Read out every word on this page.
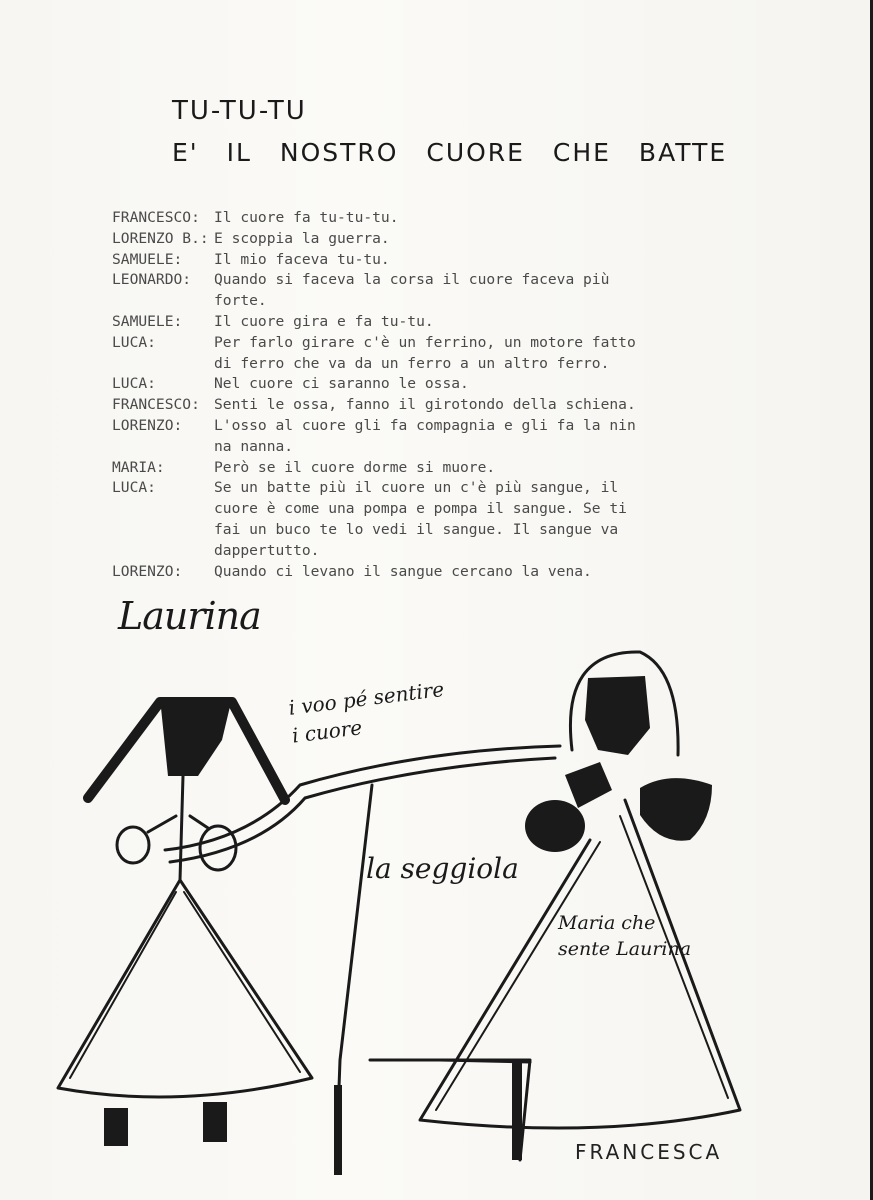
TU-TU-TU
E' IL NOSTRO CUORE CHE BATTE
FRANCESCO: Il cuore fa tu-tu-tu.
LORENZO B.: E scoppia la guerra.
SAMUELE:	Il mio faceva tu-tu.
LEONARDO:	Quando si faceva la corsa il cuore faceva più
forte.
SAMUELE:	Il cuore gira e fa tu-tu.
LUCA:	Per farlo girare c'è un ferrino, un motore fatto
di ferro che va da un ferro a un altro ferro.
LUCA:	Nel cuore ci saranno le ossa.
FRANCESCO: Senti le ossa, fanno il girotondo della schiena.
LORENZO:	L'osso al cuore gli fa compagnia e gli fa la nin
na nanna.
MARIA:	Però se il cuore dorme si muore.
LUCA:	Se un batte più il cuore un c'è più sangue, il
cuore è come una pompa e pompa il sangue. Se ti
fai un buco te lo vedi il sangue. Il sangue va
dappertutto.
LORENZO:	Quando ci levano il sangue cercano la vena.
Laurina
i voo pé sentire
i cuore
la seggiola
Maria che
sente Laurina
FRANCESCA
